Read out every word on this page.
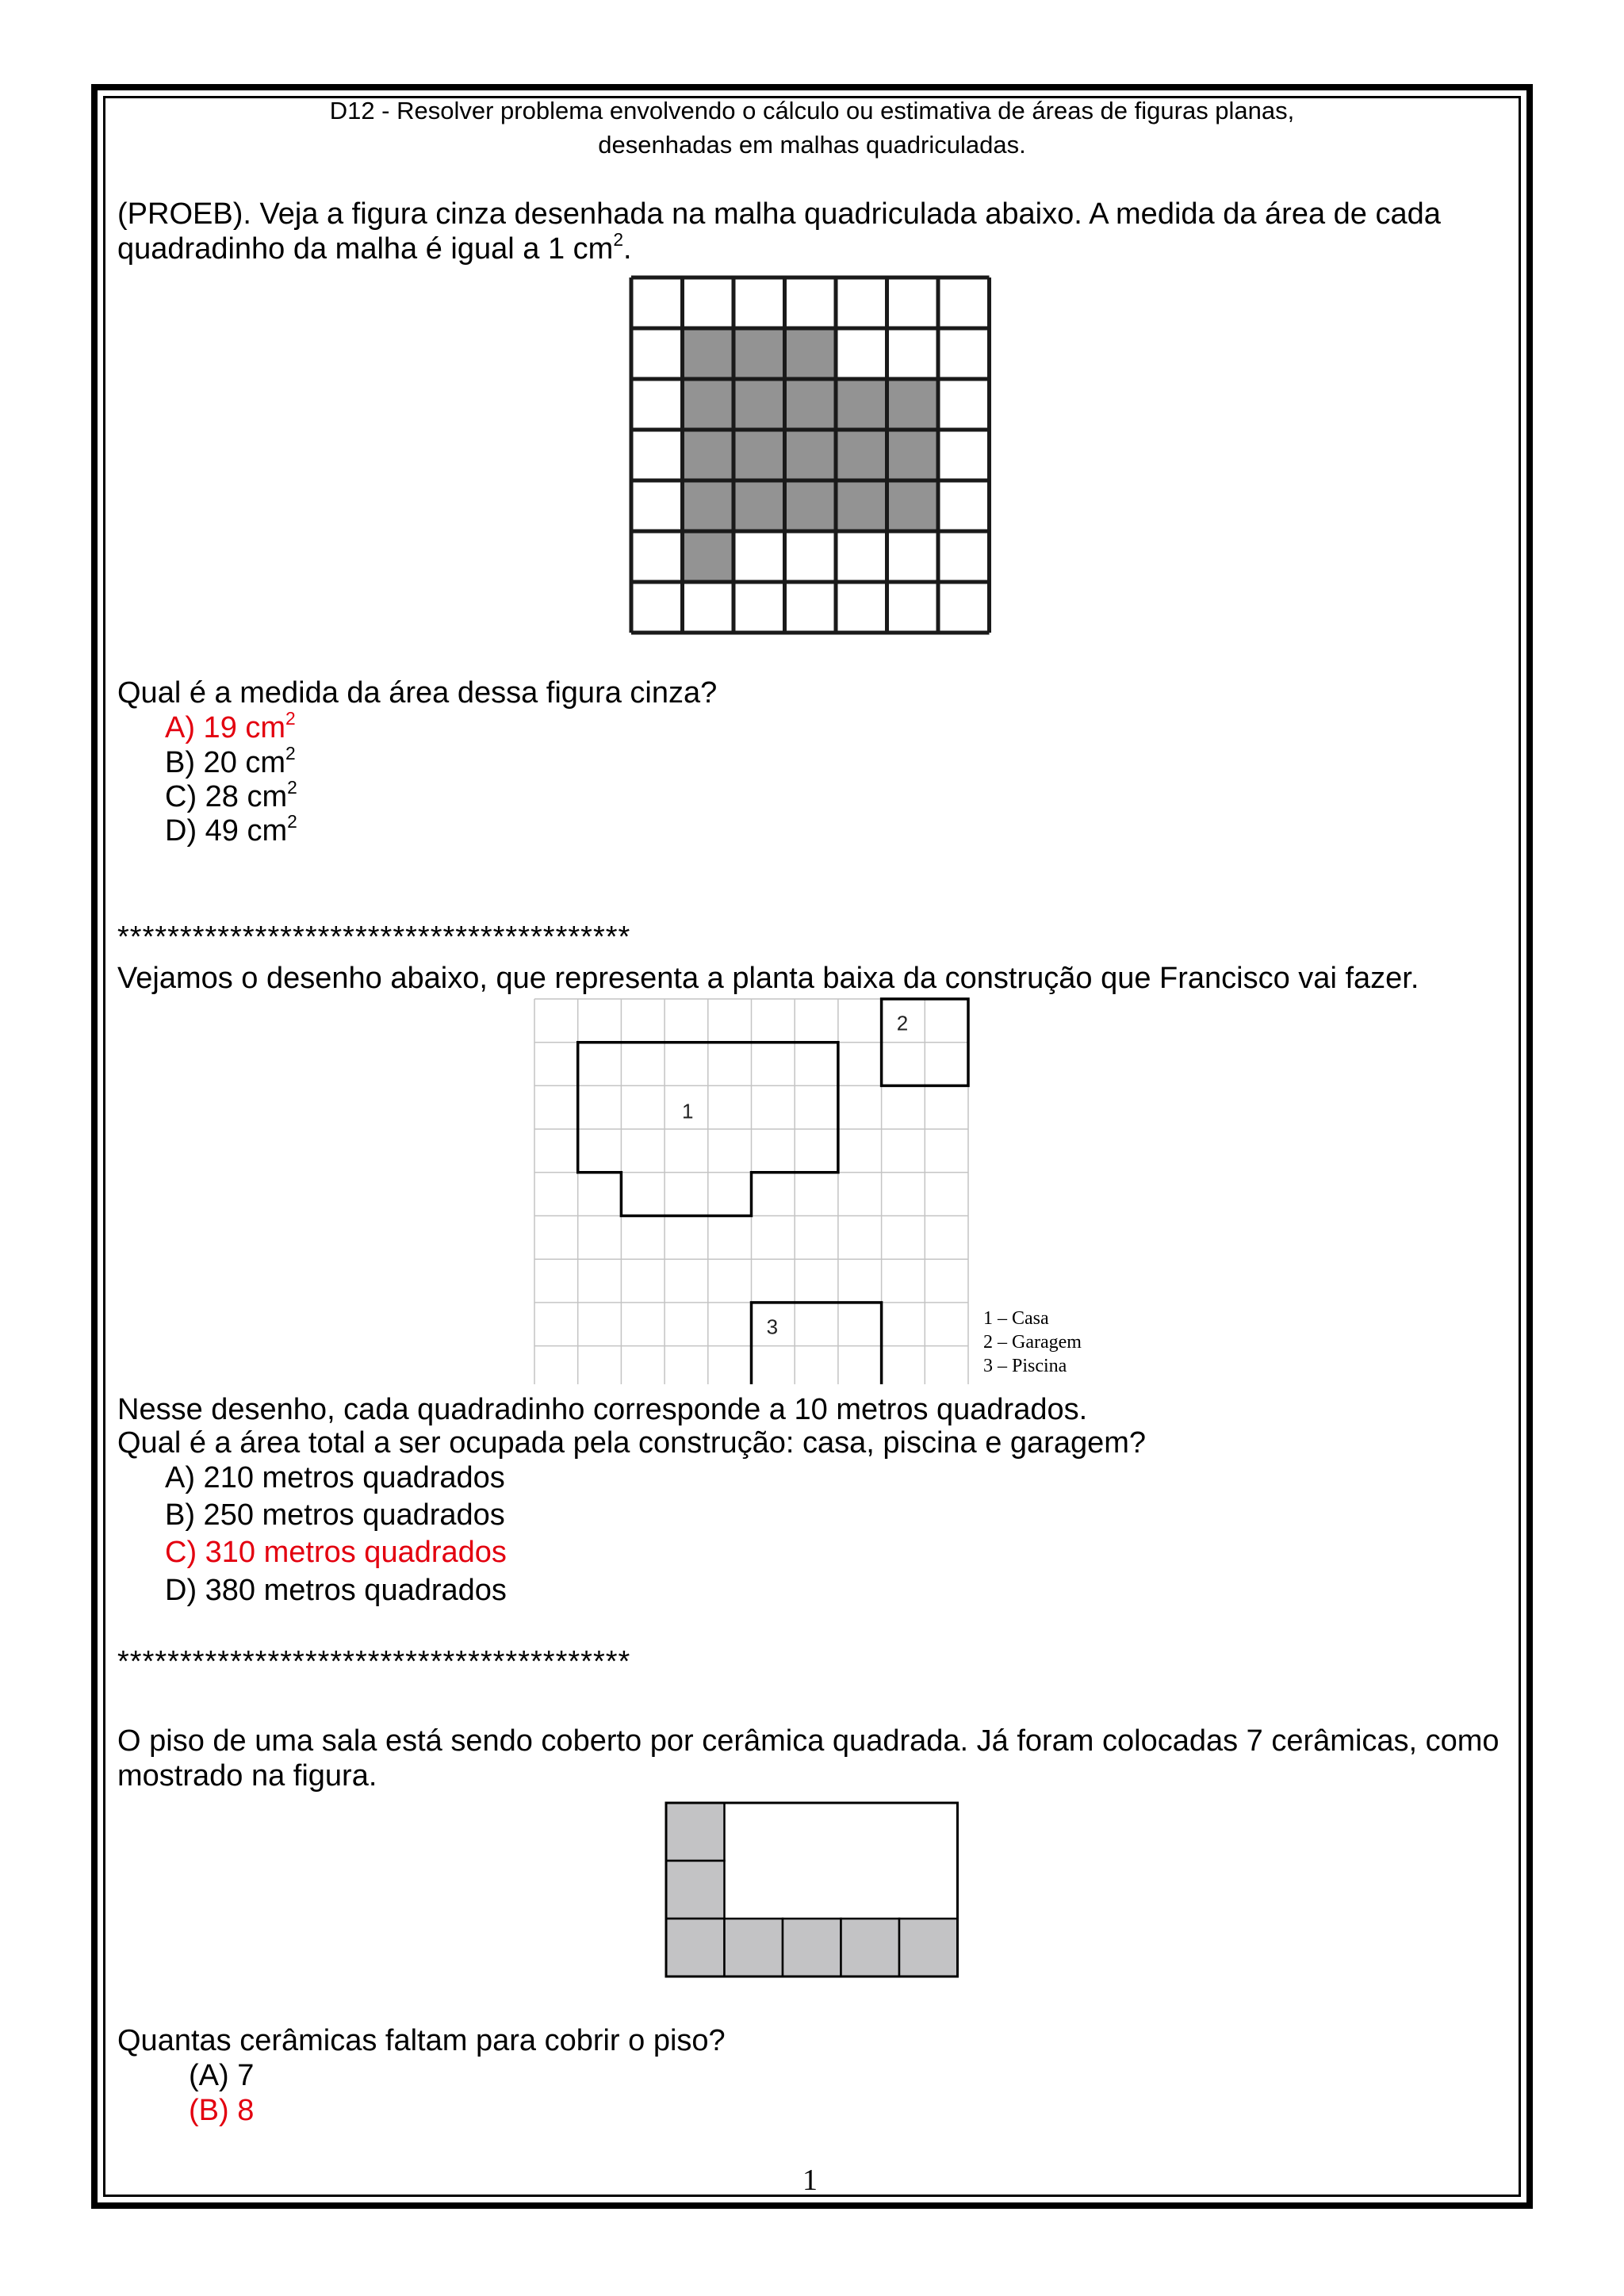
D12 - Resolver problema envolvendo o cálculo ou estimativa de áreas de figuras planas,
desenhadas em malhas quadriculadas.
(PROEB). Veja a figura cinza desenhada na malha quadriculada abaixo. A medida da área de cada
quadradinho da malha é igual a 1 $cm^2$.
Qual é a medida da área dessa figura cinza?
A) 19 $cm^2$
B) 20 $cm^2$
C) 28 $cm^2$
D) 49 $cm^2$
*****************************************
Vejamos o desenho abaixo, que representa a planta baixa da construção que Francisco vai fazer.
1
2
3	1 – Casa
2 – Garagem
3 – Piscina
Nesse desenho, cada quadradinho corresponde a 10 metros quadrados.
Qual é a área total a ser ocupada pela construção: casa, piscina e garagem?
A) 210 metros quadrados
B) 250 metros quadrados
C) 310 metros quadrados
D) 380 metros quadrados
*****************************************
O piso de uma sala está sendo coberto por cerâmica quadrada. Já foram colocadas 7 cerâmicas, como
mostrado na figura.
Quantas cerâmicas faltam para cobrir o piso?
(A) 7
(B) 8
1
